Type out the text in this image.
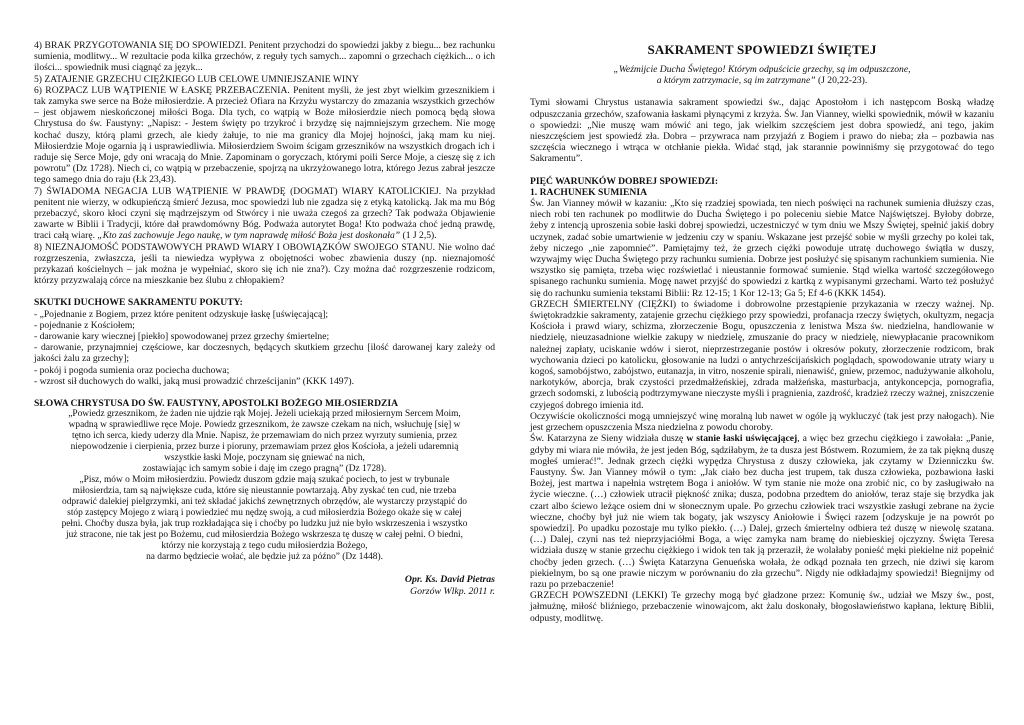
4) BRAK PRZYGOTOWANIA SIĘ DO SPOWIEDZI. Penitent przychodzi do spowiedzi jakby z biegu... bez rachunku sumienia, modlitwy... W rezultacie poda kilka grzechów, z reguły tych samych... zapomni o grzechach ciężkich... o ich ilości... spowiednik musi ciągnąć za język...

5) ZATAJENIE GRZECHU CIĘŻKIEGO LUB CELOWE UMNIEJSZANIE WINY

6) ROZPACZ LUB WĄTPIENIE W ŁASKĘ PRZEBACZENIA. Penitent myśli, że jest zbyt wielkim grzesznikiem i tak zamyka swe serce na Boże miłosierdzie. A przecież Ofiara na Krzyżu wystarczy do zmazania wszystkich grzechów – jest objawem nieskończonej miłości Boga. Dla tych, co wątpią w Boże miłosierdzie niech pomocą będą słowa Chrystusa do św. Faustyny: „Napisz: - Jestem święty po trzykroć i brzydzę się najmniejszym grzechem. Nie mogę kochać duszy, którą plami grzech, ale kiedy żałuje, to nie ma granicy dla Mojej hojności, jaką mam ku niej. Miłosierdzie Moje ogarnia ją i usprawiedliwia. Miłosierdziem Swoim ścigam grzeszników na wszystkich drogach ich i raduje się Serce Moje, gdy oni wracają do Mnie. Zapominam o goryczach, którymi poili Serce Moje, a cieszę się z ich powrotu” (Dz 1728). Niech ci, co wątpią w przebaczenie, spojrzą na ukrzyżowanego lotra, którego Jezus zabrał jeszcze tego samego dnia do raju (Łk 23,43).

7) ŚWIADOMA NEGACJA LUB WĄTPIENIE W PRAWDĘ (DOGMAT) WIARY KATOLICKIEJ. Na przykład penitent nie wierzy, w odkupieńczą śmierć Jezusa, moc spowiedzi lub nie zgadza się z etyką katolicką. Jak ma mu Bóg przebaczyć, skoro kłoci czyni się mądrzejszym od Stwórcy i nie uważa czegoś za grzech? Tak podważa Objawienie zawarte w Biblii i Tradycji, które dał prawdomówny Bóg. Podważa autorytet Boga! Kto podważa choć jedną prawdę, traci całą wiarę. „Kto zaś zachowuje Jego naukę, w tym naprawdę miłość Boża jest doskonała” (1 J 2,5).

8) NIEZNAJOMOŚĆ PODSTAWOWYCH PRAWD WIARY I OBOWIĄZKÓW SWOJEGO STANU. Nie wolno dać rozgrzeszenia, zwłaszcza, jeśli ta niewiedza wypływa z obojętności wobec zbawienia duszy (np. nieznajomość przykazań kościelnych – jak można je wypełniać, skoro się ich nie zna?). Czy można dać rozgrzeszenie rodzicom, którzy przyzwalają córce na mieszkanie bez ślubu z chłopakiem?

SKUTKI DUCHOWE SAKRAMENTU POKUTY:

- „Pojednanie z Bogiem, przez które penitent odzyskuje łaskę [uświęcającą];

- pojednanie z Kościołem;

- darowanie kary wiecznej [piekło] spowodowanej przez grzechy śmiertelne;

- darowanie, przynajmniej częściowe, kar doczesnych, będących skutkiem grzechu [ilość darowanej kary zależy od jakości żalu za grzechy];

- pokój i pogoda sumienia oraz pociecha duchowa;

- wzrost sił duchowych do walki, jaką musi prowadzić chrześcijanin” (KKK 1497).

SŁOWA CHRYSTUSA DO ŚW. FAUSTYNY, APOSTOLKI BOŻEGO MIŁOSIERDZIA

„Powiedz grzesznikom, że żaden nie ujdzie rąk Mojej. Jeżeli uciekają przed miłosiernym Sercem Moim,

wpadną w sprawiedliwe ręce Moje. Powiedz grzesznikom, że zawsze czekam na nich, wsłuchuję [się] w

tętno ich serca, kiedy uderzy dla Mnie. Napisz, że przemawiam do nich przez wyrzuty sumienia, przez

niepowodzenie i cierpienia, przez burze i pioruny, przemawiam przez głos Kościoła, a jeżeli udaremnią

wszystkie łaski Moje, poczynam się gniewać na nich,

zostawiając ich samym sobie i daję im czego pragną” (Dz 1728).

„Pisz, mów o Moim miłosierdziu. Powiedz duszom gdzie mają szukać pociech, to jest w trybunale

miłosierdzia, tam są największe cuda, które się nieustannie powtarzają. Aby zyskać ten cud, nie trzeba

odprawić dalekiej pielgrzymki, ani też składać jakichś zewnętrznych obrzędów, ale wystarczy przystąpić do

stóp zastępcy Mojego z wiarą i powiedzieć mu nędzę swoją, a cud miłosierdzia Bożego okaże się w całej

pełni. Choćby dusza była, jak trup rozkładająca się i choćby po ludzku już nie było wskrzeszenia i wszystko

już stracone, nie tak jest po Bożemu, cud miłosierdzia Bożego wskrzesza tę duszę w całej pełni. O biedni,

którzy nie korzystają z tego cudu miłosierdzia Bożego,

na darmo będziecie wołać, ale będzie już za późno” (Dz 1448).

Opr. Ks. David Pietras

Gorzów Wlkp. 2011 r.

SAKRAMENT SPOWIEDZI ŚWIĘTEJ

„Weźmijcie Ducha Świętego! Którym odpuścicie grzechy, są im odpuszczone,

a którym zatrzymacie, są im zatrzymane” (J 20,22-23).

Tymi słowami Chrystus ustanawia sakrament spowiedzi św., dając Apostołom i ich następcom Boską władzę odpuszczania grzechów, szafowania łaskami płynącymi z krzyża. Św. Jan Vianney, wielki spowiednik, mówił w kazaniu o spowiedzi: „Nie muszę wam mówić ani tego, jak wielkim szczęściem jest dobra spowiedź, ani tego, jakim nieszczęściem jest spowiedź zła. Dobra – przywraca nam przyjaźń z Bogiem i prawo do nieba; zła – pozbawia nas szczęścia wiecznego i wtrąca w otchłanie piekła. Widać stąd, jak starannie powinniśmy się przygotować do tego Sakramentu”.

PIĘĆ WARUNKÓW DOBREJ SPOWIEDZI:

1. RACHUNEK SUMIENIA

Św. Jan Vianney mówił w kazaniu: „Kto się rzadziej spowiada, ten niech poświęci na rachunek sumienia dłuższy czas, niech robi ten rachunek po modlitwie do Ducha Świętego i po poleceniu siebie Matce Najświętszej. Byłoby dobrze, żeby z intencją uproszenia sobie łaski dobrej spowiedzi, uczestniczyć w tym dniu we Mszy Świętej, spełnić jakiś dobry uczynek, zadać sobie umartwienie w jedzeniu czy w spaniu. Wskazane jest przejść sobie w myśli grzechy po kolei tak, żeby niczego „nie zapomnieć”. Pamiętajmy też, że grzech ciężki powoduje utratę duchowego świątła w duszy, wzywajmy więc Ducha Świętego przy rachunku sumienia. Dobrze jest posłużyć się spisanym rachunkiem sumienia. Nie wszystko się pamięta, trzeba więc rozświetlać i nieustannie formować sumienie. Stąd wielka wartość szczegółowego spisanego rachunku sumienia. Mogę nawet przyjść do spowiedzi z kartką z wypisanymi grzechami. Warto też posłużyć się do rachunku sumienia tekstami Biblii: Rz 12-15; 1 Kor 12-13; Ga 5; Ef 4-6 (KKK 1454).

GRZECH ŚMIERTELNY (CIĘŻKI) to świadome i dobrowolne przestąpienie przykazania w rzeczy ważnej. Np. świętokradzkie sakramenty, zatajenie grzechu ciężkiego przy spowiedzi, profanacja rzeczy świętych, okultyzm, negacja Kościoła i prawd wiary, schizma, złorzeczenie Bogu, opuszczenia z lenistwa Msza św. niedzielna, handlowanie w niedzielę, nieuzasadnione wielkie zakupy w niedzielę, zmuszanie do pracy w niedzielę, niewypłacanie pracownikom należnej zapłaty, uciskanie wdów i sierot, nieprzestrzeganie postów i okresów pokuty, złorzeczenie rodzicom, brak wychowania dzieci po katolicku, głosowanie na ludzi o antychrześcijańskich poglądach, spowodowanie utraty wiary u kogoś, samobójstwo, zabójstwo, eutanazja, in vitro, noszenie spirali, nienawiść, gniew, przemoc, nadużywanie alkoholu, narkotyków, aborcja, brak czystości przedmałżeńskiej, zdrada małżeńska, masturbacja, antykoncepcja, pornografia, grzech sodomski, z lubością podtrzymywane nieczyste myśli i pragnienia, zazdrość, kradzież rzeczy ważnej, zniszczenie czyjegoś dobrego imienia itd.

Oczywiście okoliczności mogą umniejszyć winę moralną lub nawet w ogóle ją wykluczyć (tak jest przy nałogach). Nie jest grzechem opuszczenia Msza niedzielna z powodu choroby.

Św. Katarzyna ze Sieny widziała duszę w stanie łaski uświęcającej, a więc bez grzechu ciężkiego i zawołała: „Panie, gdyby mi wiara nie mówiła, że jest jeden Bóg, sądziłabym, że ta dusza jest Bóstwem. Rozumiem, że za tak piękną duszę mogłeś umierać!”. Jednak grzech ciężki wypędza Chrystusa z duszy człowieka, jak czytamy w Dzienniczku św. Faustyny. Św. Jan Vianney mówił o tym: „Jak ciało bez ducha jest trupem, tak dusza człowieka, pozbawiona łaski Bożej, jest martwa i napełnia wstrętem Boga i aniołów. W tym stanie nie może ona zrobić nic, co by zasługiwało na życie wieczne. (…) człowiek utracił piękność znika; dusza, podobna przedtem do aniołów, teraz staje się brzydka jak czart albo ściewo leżące osiem dni w słonecznym upale. Po grzechu człowiek traci wszystkie zasługi zebrane na życie wieczne, choćby był już nie wiem tak bogaty, jak wszyscy Aniołowie i Święci razem [odzyskuje je na powrót po spowiedzi]. Po upadku pozostaje mu tylko piekło. (…) Dalej, grzech śmiertelny odbiera też duszę w niewolę szatana. (…) Dalej, czyni nas też nieprzyjaciółmi Boga, a więc zamyka nam bramę do niebieskiej ojczyzny. Święta Teresa widziała duszę w stanie grzechu ciężkiego i widok ten tak ją przeraził, że wolałaby ponieść męki piekielne niż popełnić choćby jeden grzech. (…) Święta Katarzyna Genueńska wołała, że odkąd poznała ten grzech, nie dziwi się karom piekielnym, bo są one prawie niczym w porównaniu do zła grzechu”. Nigdy nie odkładajmy spowiedzi! Biegnijmy od razu po przebaczenie!

GRZECH POWSZEDNI (LEKKI) Te grzechy mogą być gładzone przez: Komunię św., udział we Mszy św., post, jałmużnę, miłość bliźniego, przebaczenie winowajcom, akt żalu doskonały, błogosławieństwo kapłana, lekturę Biblii, odpusty, modlitwę.
